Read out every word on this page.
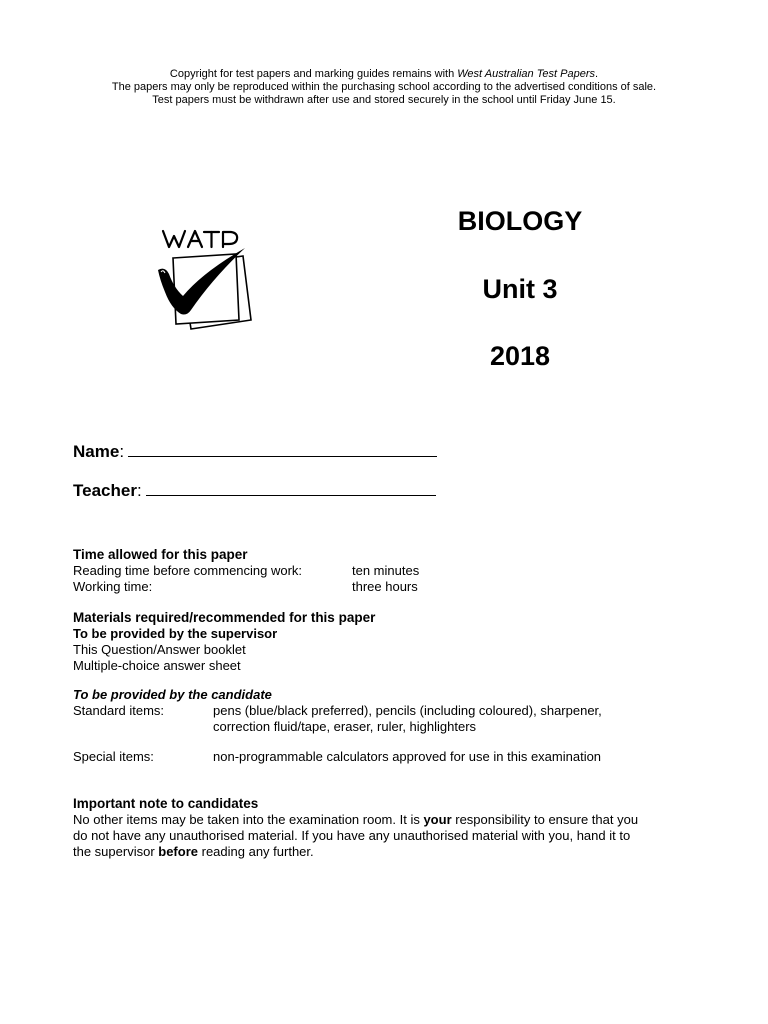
Copyright for test papers and marking guides remains with West Australian Test Papers.
The papers may only be reproduced within the purchasing school according to the advertised conditions of sale.
Test papers must be withdrawn after use and stored securely in the school until Friday June 15.
BIOLOGY
Unit 3
2018
Name:
Teacher:
Time allowed for this paper
Reading time before commencing work:	ten minutes
Working time:	three hours
Materials required/recommended for this paper
To be provided by the supervisor
This Question/Answer booklet
Multiple-choice answer sheet
To be provided by the candidate
Standard items:	pens (blue/black preferred), pencils (including coloured), sharpener,
correction fluid/tape, eraser, ruler, highlighters
Special items:	non-programmable calculators approved for use in this examination
Important note to candidates
No other items may be taken into the examination room. It is your responsibility to ensure that you
do not have any unauthorised material. If you have any unauthorised material with you, hand it to
the supervisor before reading any further.
